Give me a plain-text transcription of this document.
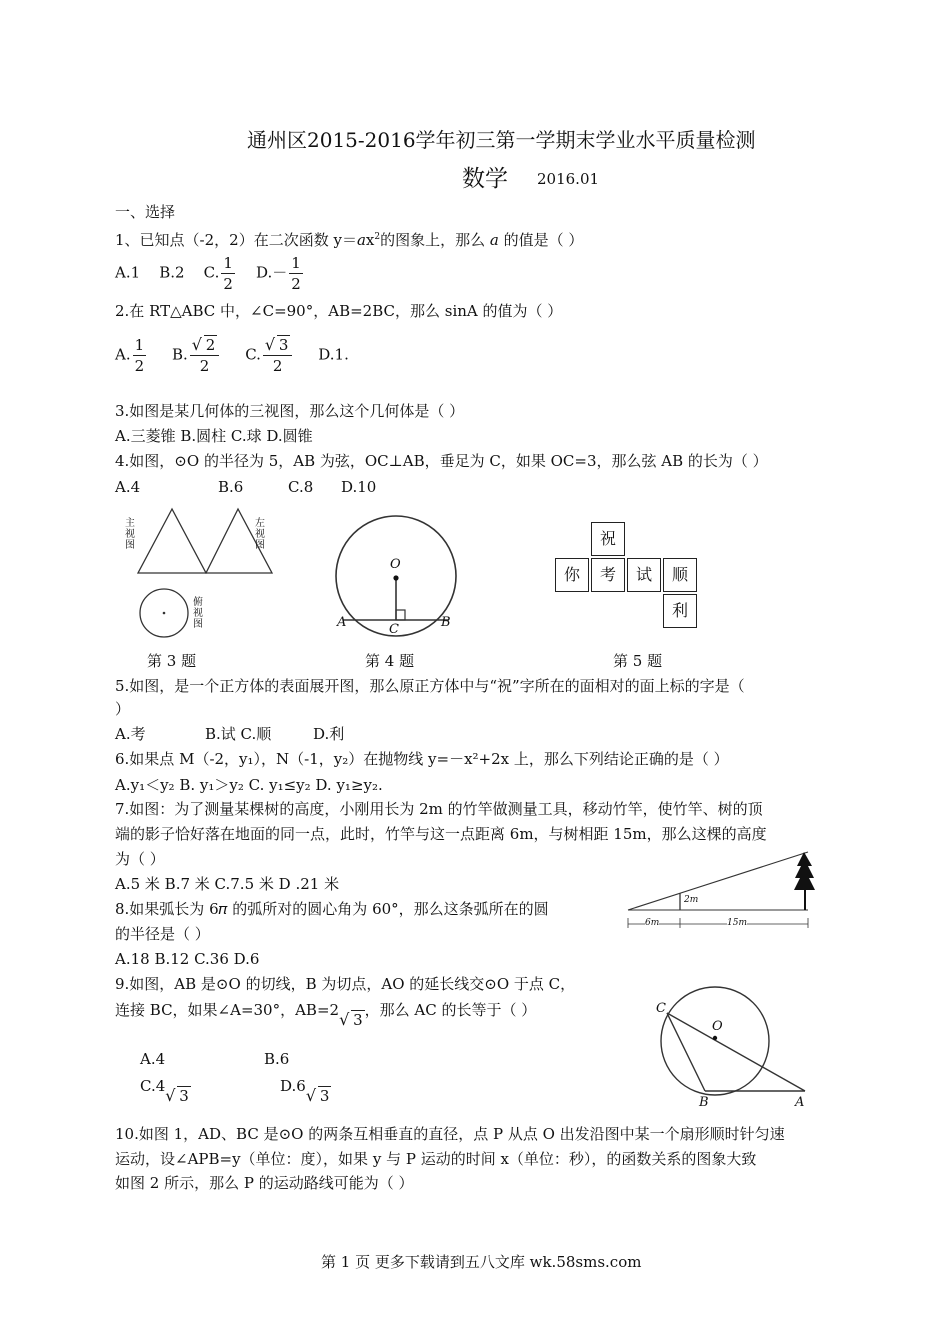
通州区2015-2016学年初三第一学期末学业水平质量检测
数学 2016.01
一、选择
1、已知点（-2，2）在二次函数 $y=ax^2$的图象上，那么 a 的值是（ ）
A.1 B.2 C. $\frac{1}{2} D.- \frac{1}{2}$
2.在 RT△ABC 中，∠C=90°，AB=2BC，那么 sinA 的值为（ ）
A. $\frac{1}{2} B$. √ $\frac{2}{2} C$. √ $\frac{3}{2} D.1$.
3.如图是某几何体的三视图，那么这个几何体是（ ）
A.三菱锥 B.圆柱 C.球 D.圆锥
4.如图，⊙O 的半径为 5，AB 为弦，OC⊥AB，垂足为 C，如果 OC=3，那么弦 AB 的长为（ ）
A.4	B.6	C.8 D.10
主视图
左视图
俯视图
O
A	B
C
祝
你	考	试	顺
利
第 3 题	第 4 题	第 5 题
5.如图，是一个正方体的表面展开图，那么原正方体中与“祝”字所在的面相对的面上标的字是（
）
A.考	B.试 C.顺	D.利
6.如果点 M（-2，y₁），N（-1，y₂）在抛物线 y=－x²+2x 上，那么下列结论正确的是（ ）
A.y₁＜y₂ B. y₁＞y₂ C. y₁≤y₂ D. y₁≥y₂.
7.如图：为了测量某棵树的高度，小刚用长为 2m 的竹竿做测量工具，移动竹竿，使竹竿、树的顶
端的影子恰好落在地面的同一点，此时，竹竿与这一点距离 6m，与树相距 15m，那么这棵的高度
为（ ）
A.5 米 B.7 米 C.7.5 米 D .21 米
2m
6m	15m
8.如果弧长为 6𝜋 的弧所对的圆心角为 60°，那么这条弧所在的圆
的半径是（ ）
A.18 B.12 C.36 D.6
9.如图，AB 是⊙O 的切线，B 为切点，AO 的延长线交⊙O 于点 C，
连接 BC，如果∠A=30°，AB=2√ 3，那么 AC 的长等于（ ）
A.4	B.6
C.4√ 3
D.6√ 3
C
O
B	A
10.如图 1，AD、BC 是⊙O 的两条互相垂直的直径，点 P 从点 O 出发沿图中某一个扇形顺时针匀速
运动，设∠APB=y（单位：度），如果 y 与 P 运动的时间 x（单位：秒），的函数关系的图象大致
如图 2 所示，那么 P 的运动路线可能为（ ）
第 1 页 更多下载请到五八文库 wk.58sms.com
